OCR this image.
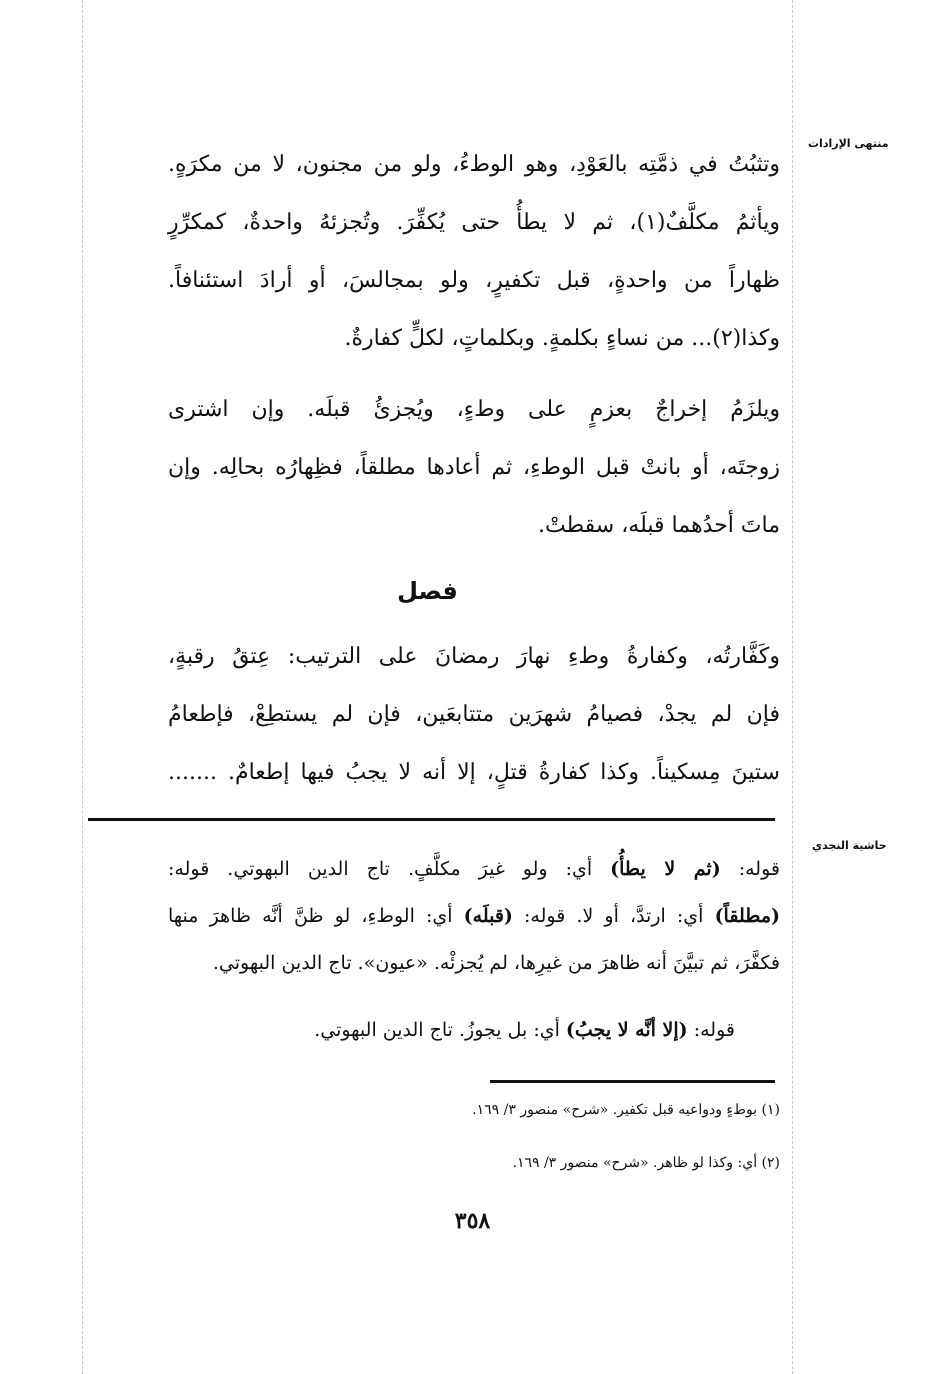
منتهى الإرادات
حاشية النجدي
وتثبُتُ في ذمَّتِه بالعَوْدِ، وهو الوطءُ، ولو من مجنون، لا من مكرَهٍ.
ويأثمُ مكلَّفٌ(١)، ثم لا يطأُ حتى يُكفِّرَ. وتُجزئهُ واحدةٌ، كمكرِّرٍ
ظهاراً من واحدةٍ، قبل تكفيرٍ، ولو بمجالسَ، أو أرادَ استئنافاً.
وكذا(٢)... من نساءٍ بكلمةٍ. وبكلماتٍ، لكلٍّ كفارةٌ.
ويلزَمُ إخراجٌ بعزمٍ على وطءٍ، ويُجزئُ قبلَه. وإن اشترى
زوجتَه، أو بانتْ قبل الوطءِ، ثم أعادها مطلقاً، فظِهارُه بحالِه. وإن
ماتَ أحدُهما قبلَه، سقطتْ.
فصل
وكَفَّارتُه، وكفارةُ وطءِ نهارَ رمضانَ على الترتيب: عِتقُ رقبةٍ،
فإن لم يجدْ، فصيامُ شهرَين متتابعَين، فإن لم يستطِعْ، فإطعامُ
ستينَ مِسكيناً. وكذا كفارةُ قتلٍ، إلا أنه لا يجبُ فيها إطعامٌ. .......
قوله: (ثم لا يطأُ) أي: ولو غيرَ مكلَّفٍ. تاج الدين البهوتي. قوله:
(مطلقاً) أي: ارتدَّ، أو لا. قوله: (قبلَه) أي: الوطءِ، لو ظنَّ أنَّه ظاهرَ منها
فكفَّرَ، ثم تبيَّنَ أنه ظاهرَ من غيرِها، لم يُجزئْه. «عيون». تاج الدين البهوتي.
قوله: (إلا أنَّه لا يجبُ) أي: بل يجوزُ. تاج الدين البهوتي.
(١) بوطءٍ ودواعيه قبل تكفير. «شرح» منصور ٣/ ١٦٩.
(٢) أي: وكذا لو ظاهر. «شرح» منصور ٣/ ١٦٩.
٣٥٨
